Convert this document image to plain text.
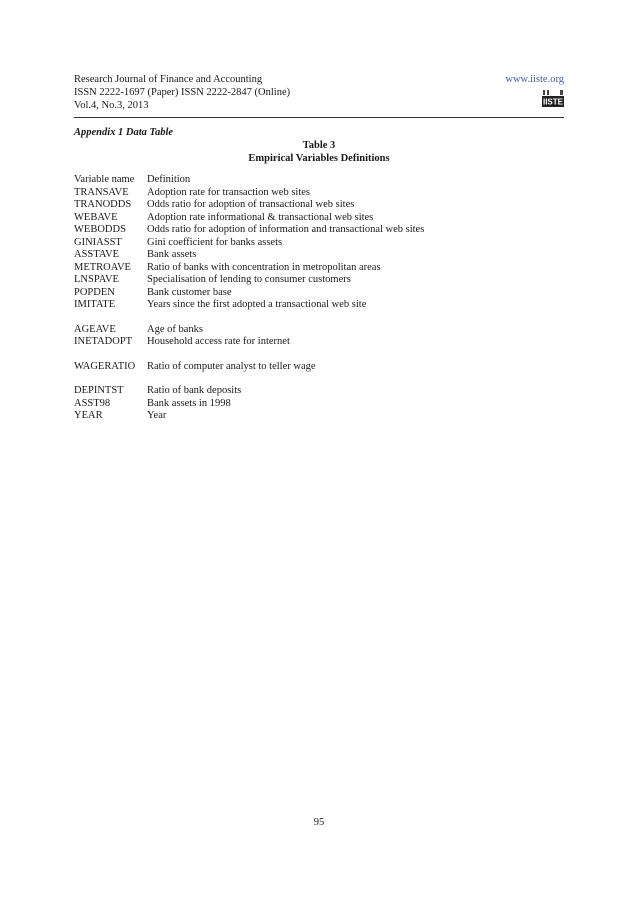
Research Journal of Finance and Accounting
ISSN 2222-1697 (Paper) ISSN 2222-2847 (Online)
Vol.4, No.3, 2013
www.iiste.org
IISTE
Appendix 1 Data Table
Table 3
Empirical Variables Definitions
Variable name	Definition
TRANSAVE	Adoption rate for transaction web sites
TRANODDS	Odds ratio for adoption of transactional web sites
WEBAVE	Adoption rate informational & transactional web sites
WEBODDS	Odds ratio for adoption of information and transactional web sites
GINIASST	Gini coefficient for banks assets
ASSTAVE	Bank assets
METROAVE	Ratio of banks with concentration in metropolitan areas
LNSPAVE	Specialisation of lending to consumer customers
POPDEN	Bank customer base
IMITATE	Years since the first adopted a transactional web site
AGEAVE	Age of banks
INETADOPT	Household access rate for internet
WAGERATIO	Ratio of computer analyst to teller wage
DEPINTST	Ratio of bank deposits
ASST98	Bank assets in 1998
YEAR	Year
95
